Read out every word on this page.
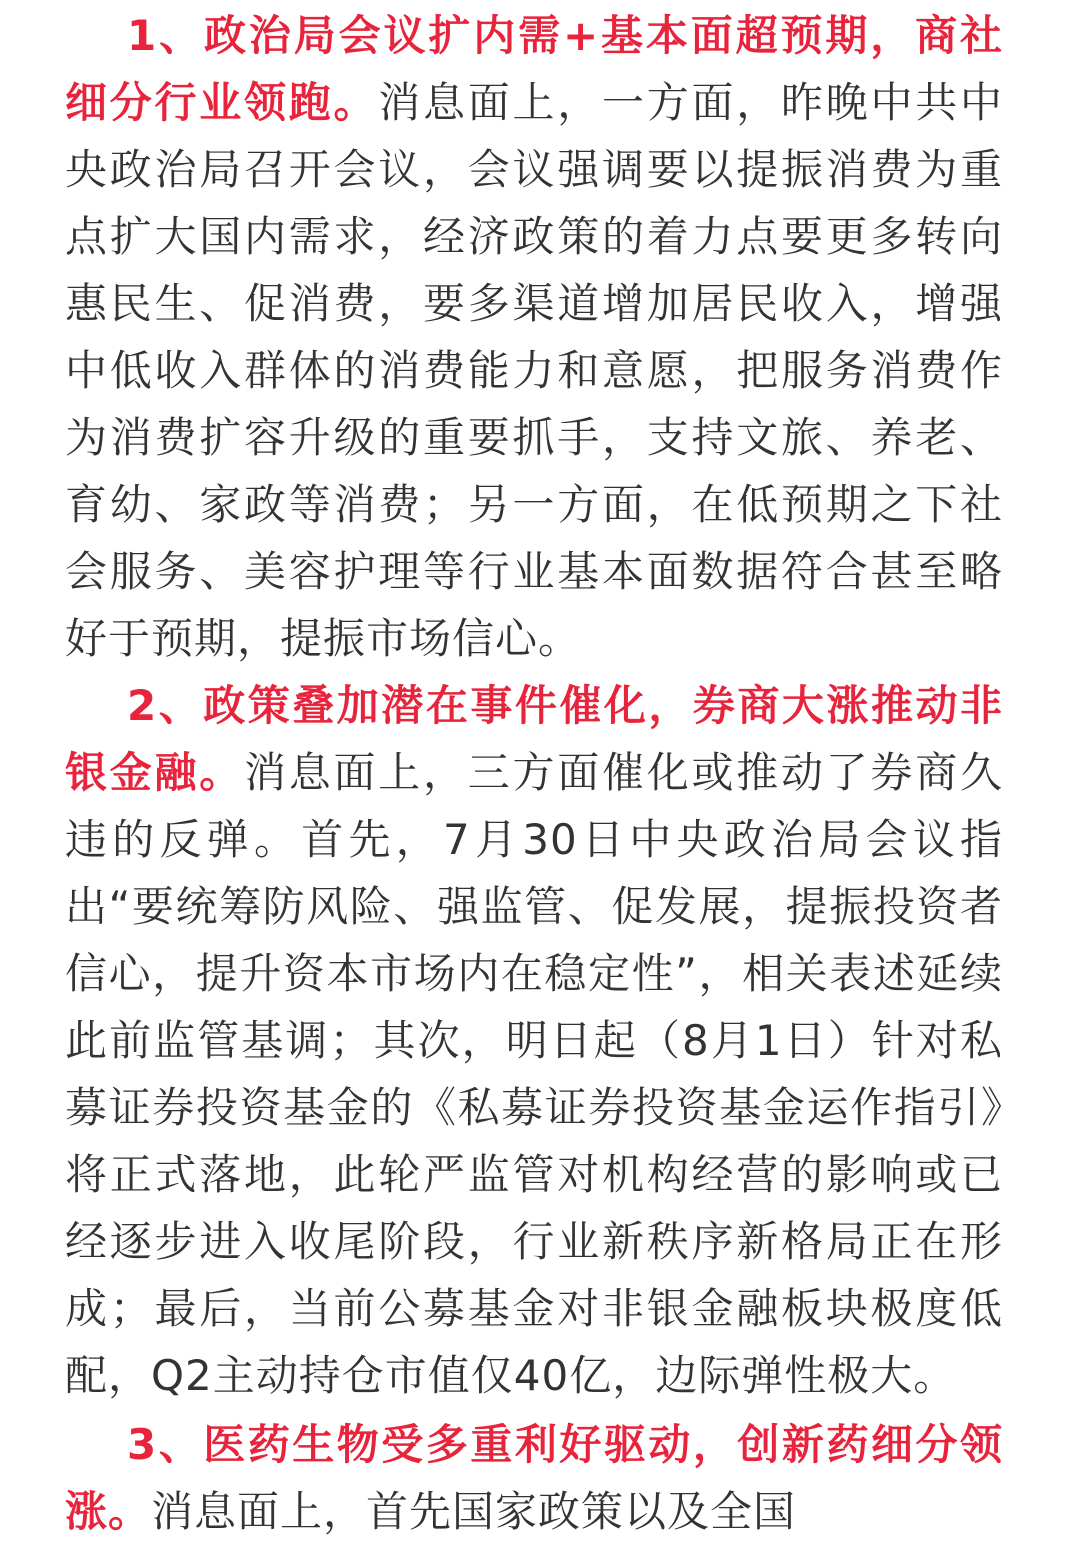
1、政治局会议扩内需+基本面超预期，商社细分行业领跑。消息面上，一方面，昨晚中共中央政治局召开会议，会议强调要以提振消费为重点扩大国内需求，经济政策的着力点要更多转向惠民生、促消费，要多渠道增加居民收入，增强中低收入群体的消费能力和意愿，把服务消费作为消费扩容升级的重要抓手，支持文旅、养老、育幼、家政等消费；另一方面，在低预期之下社会服务、美容护理等行业基本面数据符合甚至略好于预期，提振市场信心。

2、政策叠加潜在事件催化，券商大涨推动非银金融。消息面上，三方面催化或推动了券商久违的反弹。首先，7月30日中央政治局会议指出“要统筹防风险、强监管、促发展，提振投资者信心，提升资本市场内在稳定性”，相关表述延续此前监管基调；其次，明日起（8月1日）针对私募证券投资基金的《私募证券投资基金运作指引》将正式落地，此轮严监管对机构经营的影响或已经逐步进入收尾阶段，行业新秩序新格局正在形成；最后，当前公募基金对非银金融板块极度低配，Q2主动持仓市值仅40亿，边际弹性极大。

3、医药生物受多重利好驱动，创新药细分领涨。消息面上，首先国家政策以及全国
